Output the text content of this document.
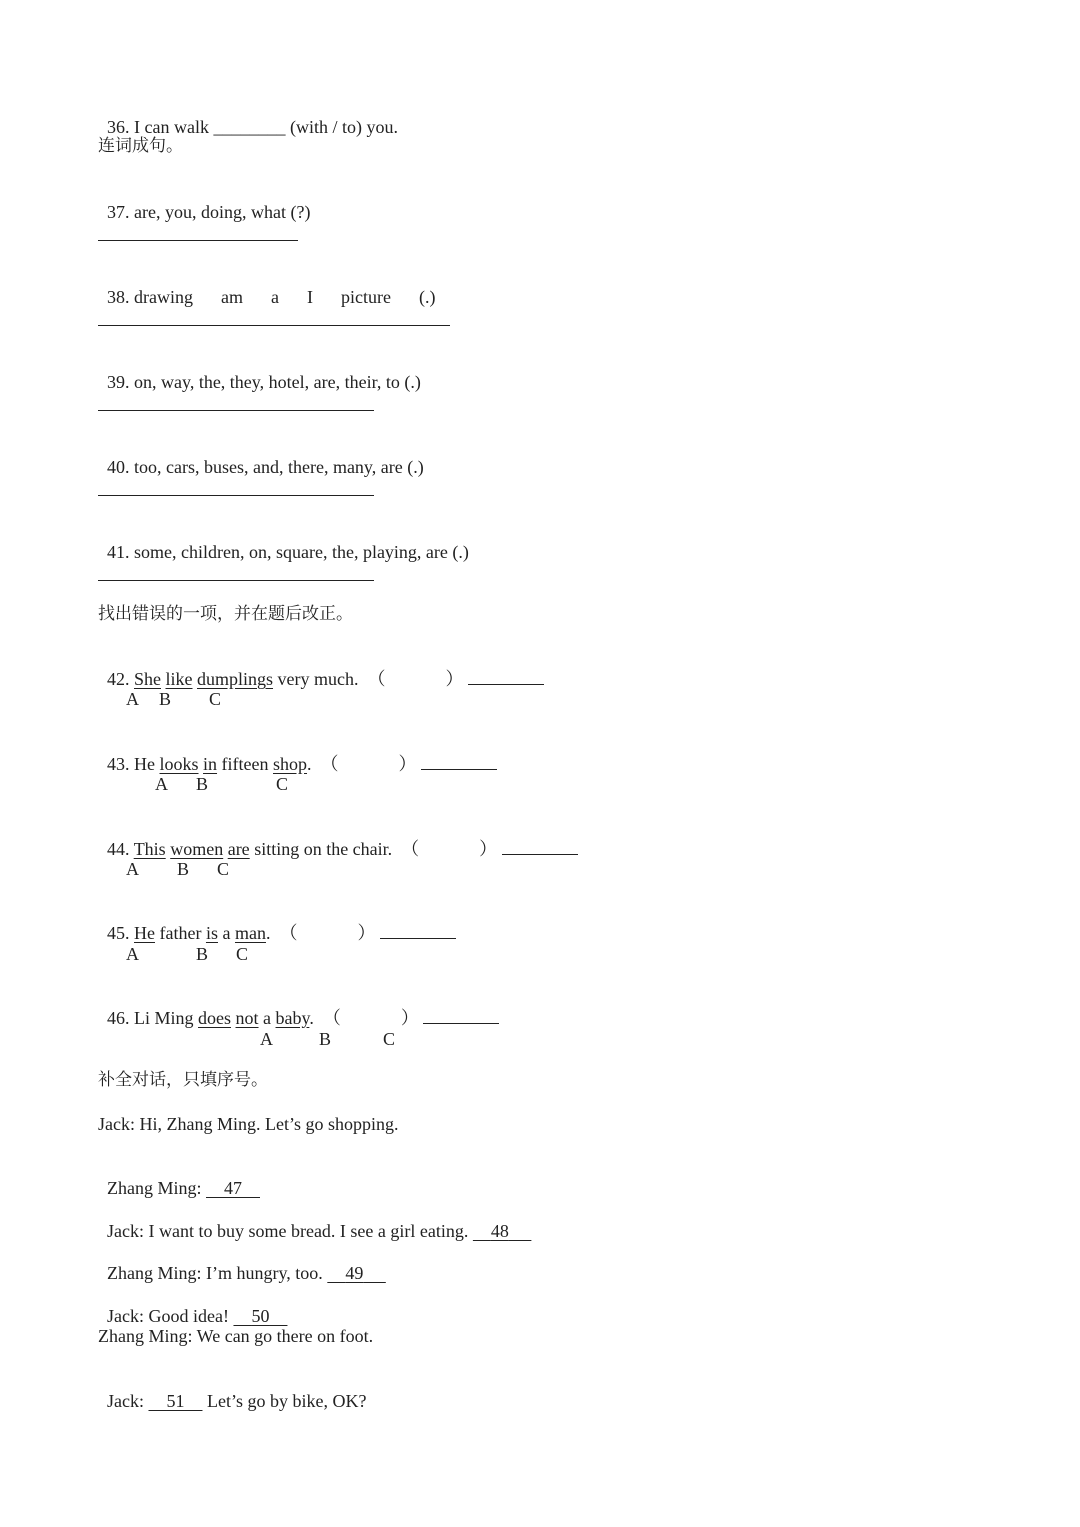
36. I can walk ________ (with / to) you.

连词成句。

37. are, you, doing, what (?)

38. drawing am a I picture (.)

39. on, way, the, they, hotel, are, their, to (.)

40. too, cars, buses, and, there, many, are (.)

41. some, children, on, square, the, playing, are (.)

找出错误的一项，并在题后改正。

42. She like dumplings very much. （	）

A B C

43. He looks in fifteen shop. （	）

A B	C

44. This women are sitting on the chair. （	）

A B C

45. He father is a man. （	）

A	B C

46. Li Ming does not a baby. （	）

A	B	C
补全对话，只填序号。
Jack: Hi, Zhang Ming. Let’s go shopping.

Zhang Ming: 47

Jack: I want to buy some bread. I see a girl eating. 48

Zhang Ming: I’m hungry, too. 49

Jack: Good idea! 50

Zhang Ming: We can go there on foot.

Jack: 51 Let’s go by bike, OK?
